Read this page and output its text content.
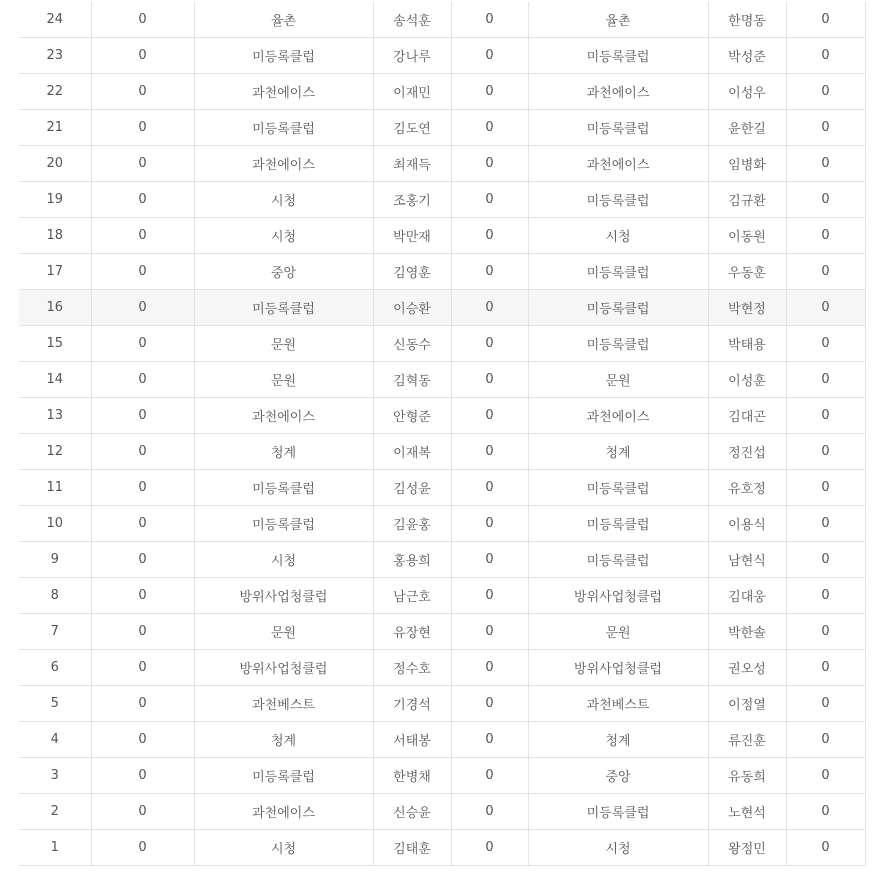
24	0	율촌	송석훈	0	율촌	한명동	0
23	0	미등록클럽	강나루	0	미등록클럽	박성준	0
22	0	과천에이스	이재민	0	과천에이스	이성우	0
21	0	미등록클럽	김도연	0	미등록클럽	윤한길	0
20	0	과천에이스	최재득	0	과천에이스	임병화	0
19	0	시청	조홍기	0	미등록클럽	김규환	0
18	0	시청	박만재	0	시청	이동원	0
17	0	중앙	김영훈	0	미등록클럽	우동훈	0
16	0	미등록클럽	이승환	0	미등록클럽	박현정	0
15	0	문원	신동수	0	미등록클럽	박태용	0
14	0	문원	김혁동	0	문원	이성훈	0
13	0	과천에이스	안형준	0	과천에이스	김대곤	0
12	0	청계	이재복	0	청계	정진섭	0
11	0	미등록클럽	김성윤	0	미등록클럽	유호정	0
10	0	미등록클럽	김윤홍	0	미등록클럽	이용식	0
9	0	시청	홍용희	0	미등록클럽	남현식	0
8	0	방위사업청클럽	남근호	0	방위사업청클럽	김대웅	0
7	0	문원	유장현	0	문원	박한솔	0
6	0	방위사업청클럽	정수호	0	방위사업청클럽	권오성	0
5	0	과천베스트	기경석	0	과천베스트	이정열	0
4	0	청계	서태봉	0	청계	류진훈	0
3	0	미등록클럽	한병채	0	중앙	유동희	0
2	0	과천에이스	신승윤	0	미등록클럽	노현석	0
1	0	시청	김태훈	0	시청	왕정민	0
